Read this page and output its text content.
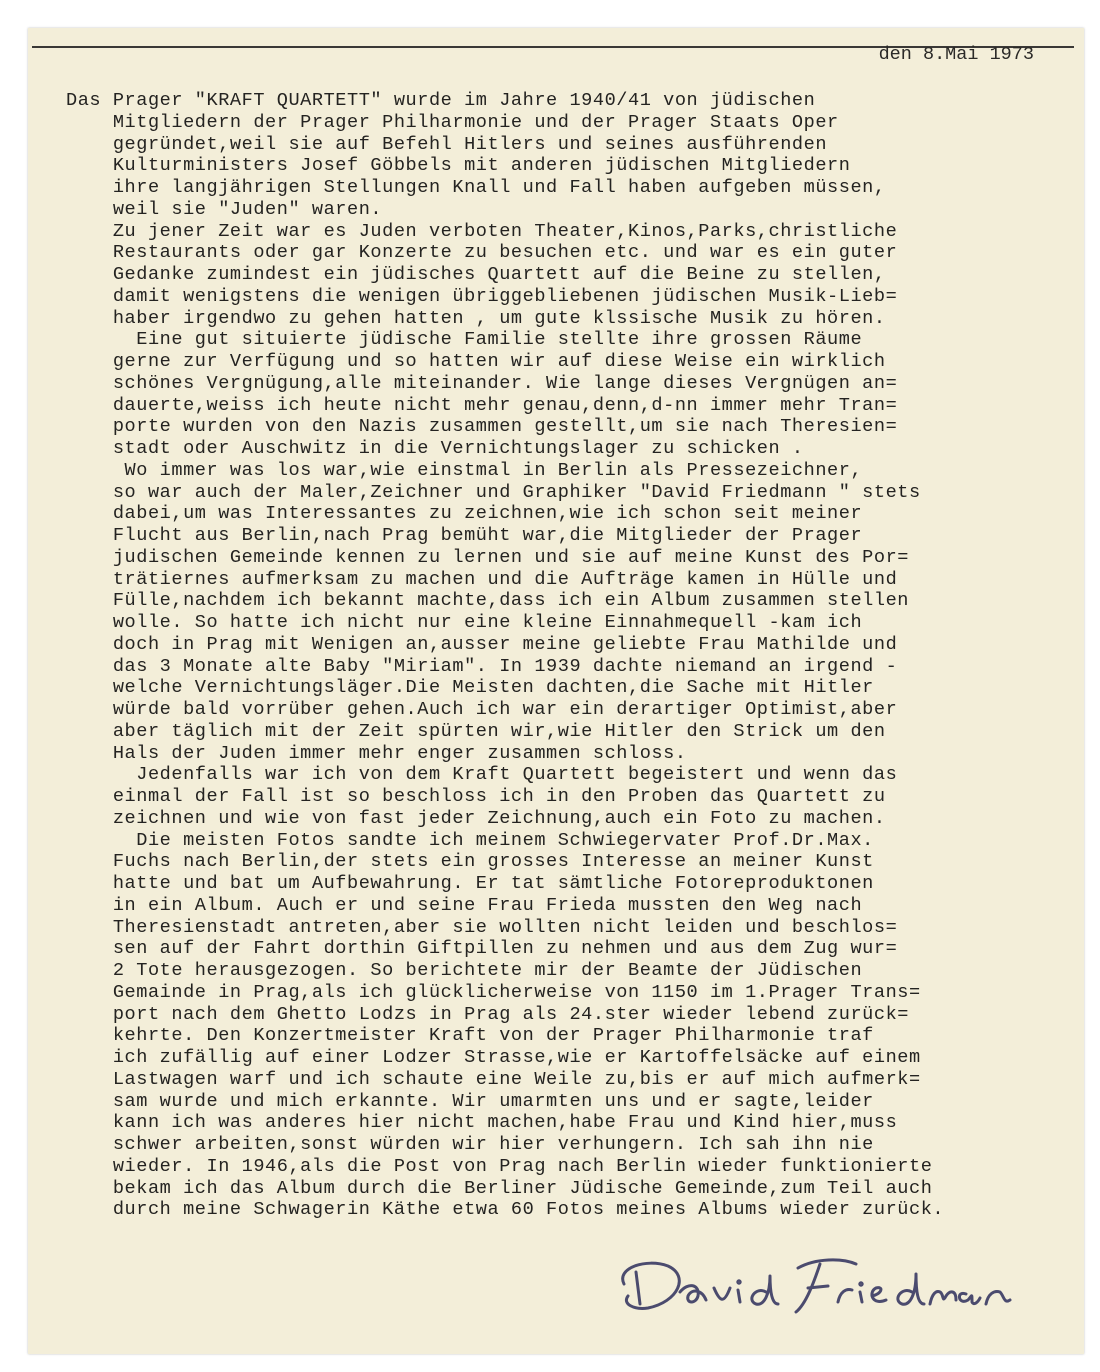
den 8.Mai 1973
Das Prager "KRAFT QUARTETT" wurde im Jahre 1940/41 von jüdischen
Mitgliedern der Prager Philharmonie und der Prager Staats Oper
gegründet,weil sie auf Befehl Hitlers und seines ausführenden
Kulturministers Josef Göbbels mit anderen jüdischen Mitgliedern
ihre langjährigen Stellungen Knall und Fall haben aufgeben müssen,
weil sie "Juden" waren.
Zu jener Zeit war es Juden verboten Theater,Kinos,Parks,christliche
Restaurants oder gar Konzerte zu besuchen etc. und war es ein guter
Gedanke zumindest ein jüdisches Quartett auf die Beine zu stellen,
damit wenigstens die wenigen übriggebliebenen jüdischen Musik-Lieb=
haber irgendwo zu gehen hatten , um gute klssische Musik zu hören.
Eine gut situierte jüdische Familie stellte ihre grossen Räume
gerne zur Verfügung und so hatten wir auf diese Weise ein wirklich
schönes Vergnügung,alle miteinander. Wie lange dieses Vergnügen an=
dauerte,weiss ich heute nicht mehr genau,denn,d-nn immer mehr Tran=
porte wurden von den Nazis zusammen gestellt,um sie nach Theresien=
stadt oder Auschwitz in die Vernichtungslager zu schicken .
Wo immer was los war,wie einstmal in Berlin als Pressezeichner,
so war auch der Maler,Zeichner und Graphiker "David Friedmann " stets
dabei,um was Interessantes zu zeichnen,wie ich schon seit meiner
Flucht aus Berlin,nach Prag bemüht war,die Mitglieder der Prager
judischen Gemeinde kennen zu lernen und sie auf meine Kunst des Por=
trätiernes aufmerksam zu machen und die Aufträge kamen in Hülle und
Fülle,nachdem ich bekannt machte,dass ich ein Album zusammen stellen
wolle. So hatte ich nicht nur eine kleine Einnahmequell -kam ich
doch in Prag mit Wenigen an,ausser meine geliebte Frau Mathilde und
das 3 Monate alte Baby "Miriam". In 1939 dachte niemand an irgend -
welche Vernichtungsläger.Die Meisten dachten,die Sache mit Hitler
würde bald vorrüber gehen.Auch ich war ein derartiger Optimist,aber
aber täglich mit der Zeit spürten wir,wie Hitler den Strick um den
Hals der Juden immer mehr enger zusammen schloss.
Jedenfalls war ich von dem Kraft Quartett begeistert und wenn das
einmal der Fall ist so beschloss ich in den Proben das Quartett zu
zeichnen und wie von fast jeder Zeichnung,auch ein Foto zu machen.
Die meisten Fotos sandte ich meinem Schwiegervater Prof.Dr.Max.
Fuchs nach Berlin,der stets ein grosses Interesse an meiner Kunst
hatte und bat um Aufbewahrung. Er tat sämtliche Fotoreproduktonen
in ein Album. Auch er und seine Frau Frieda mussten den Weg nach
Theresienstadt antreten,aber sie wollten nicht leiden und beschlos=
sen auf der Fahrt dorthin Giftpillen zu nehmen und aus dem Zug wur=
2 Tote herausgezogen. So berichtete mir der Beamte der Jüdischen
Gemainde in Prag,als ich glücklicherweise von 1150 im 1.Prager Trans=
port nach dem Ghetto Lodzs in Prag als 24.ster wieder lebend zurück=
kehrte. Den Konzertmeister Kraft von der Prager Philharmonie traf
ich zufällig auf einer Lodzer Strasse,wie er Kartoffelsäcke auf einem
Lastwagen warf und ich schaute eine Weile zu,bis er auf mich aufmerk=
sam wurde und mich erkannte. Wir umarmten uns und er sagte,leider
kann ich was anderes hier nicht machen,habe Frau und Kind hier,muss
schwer arbeiten,sonst würden wir hier verhungern. Ich sah ihn nie
wieder. In 1946,als die Post von Prag nach Berlin wieder funktionierte
bekam ich das Album durch die Berliner Jüdische Gemeinde,zum Teil auch
durch meine Schwagerin Käthe etwa 60 Fotos meines Albums wieder zurück.
